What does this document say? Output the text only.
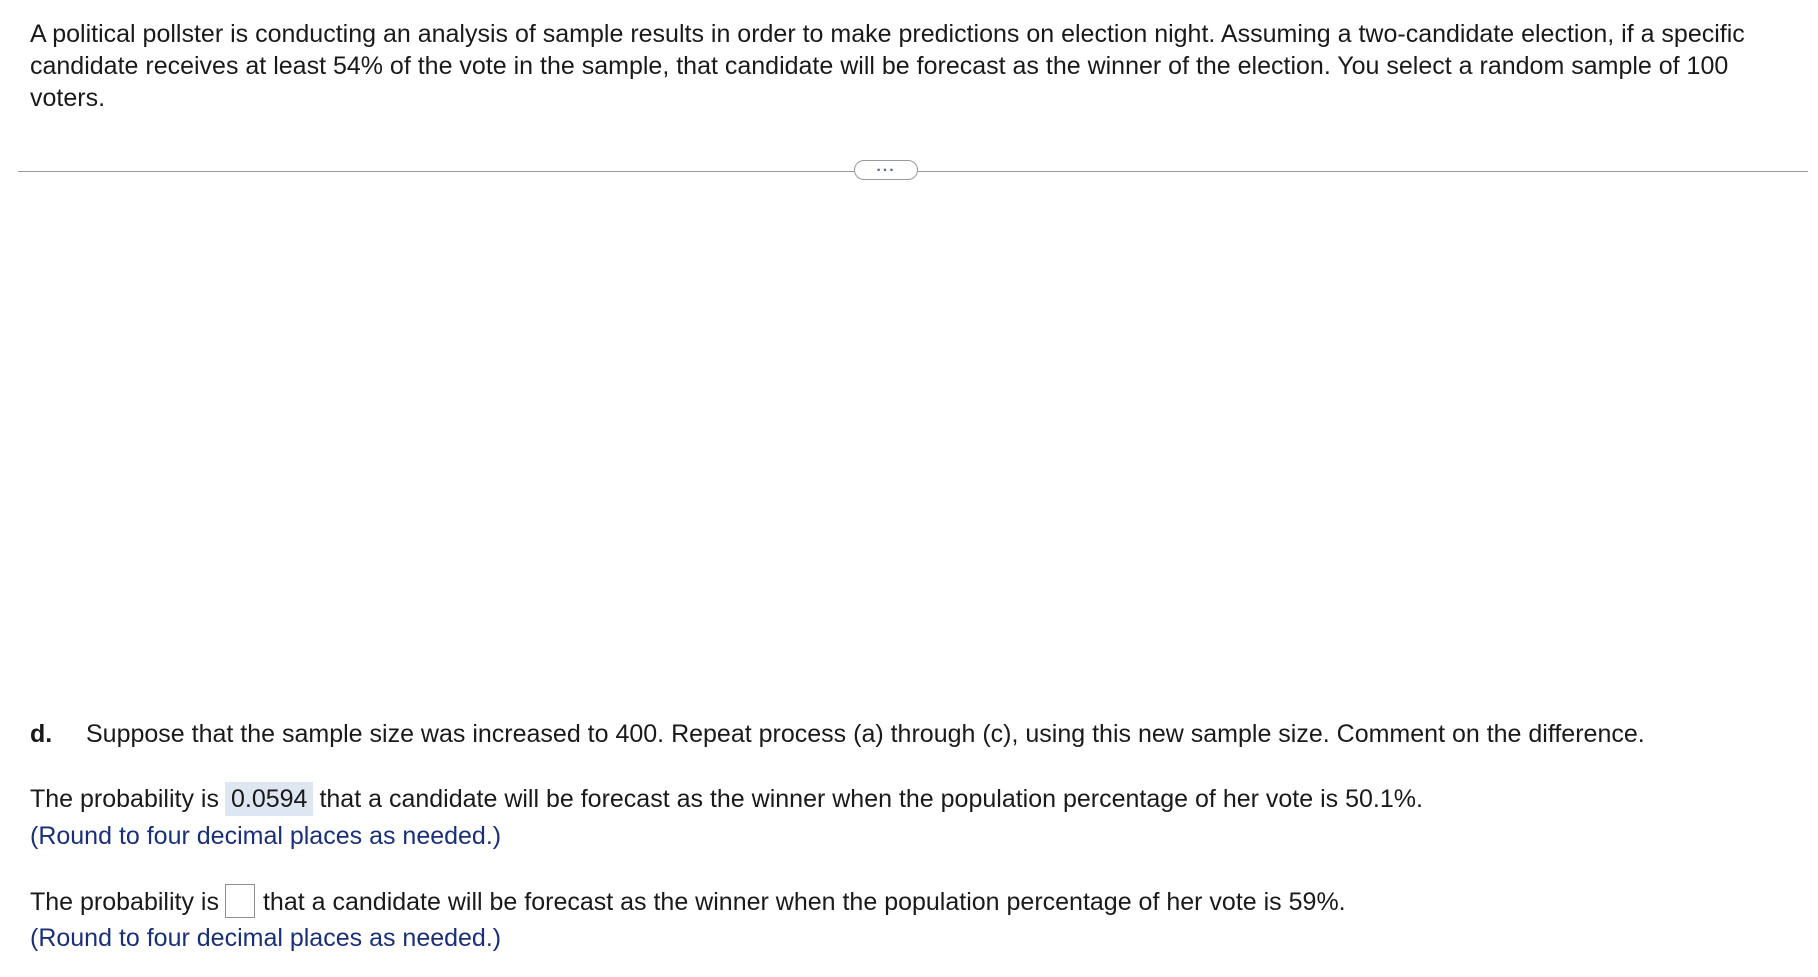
A political pollster is conducting an analysis of sample results in order to make predictions on election night. Assuming a two-candidate election, if a specific candidate receives at least 54% of the vote in the sample, that candidate will be forecast as the winner of the election. You select a random sample of 100 voters.

...
d. Suppose that the sample size was increased to 400. Repeat process (a) through (c), using this new sample size. Comment on the difference.
The probability is 0.0594 that a candidate will be forecast as the winner when the population percentage of her vote is 50.1%.
(Round to four decimal places as needed.)
The probability is that a candidate will be forecast as the winner when the population percentage of her vote is 59%.
(Round to four decimal places as needed.)
